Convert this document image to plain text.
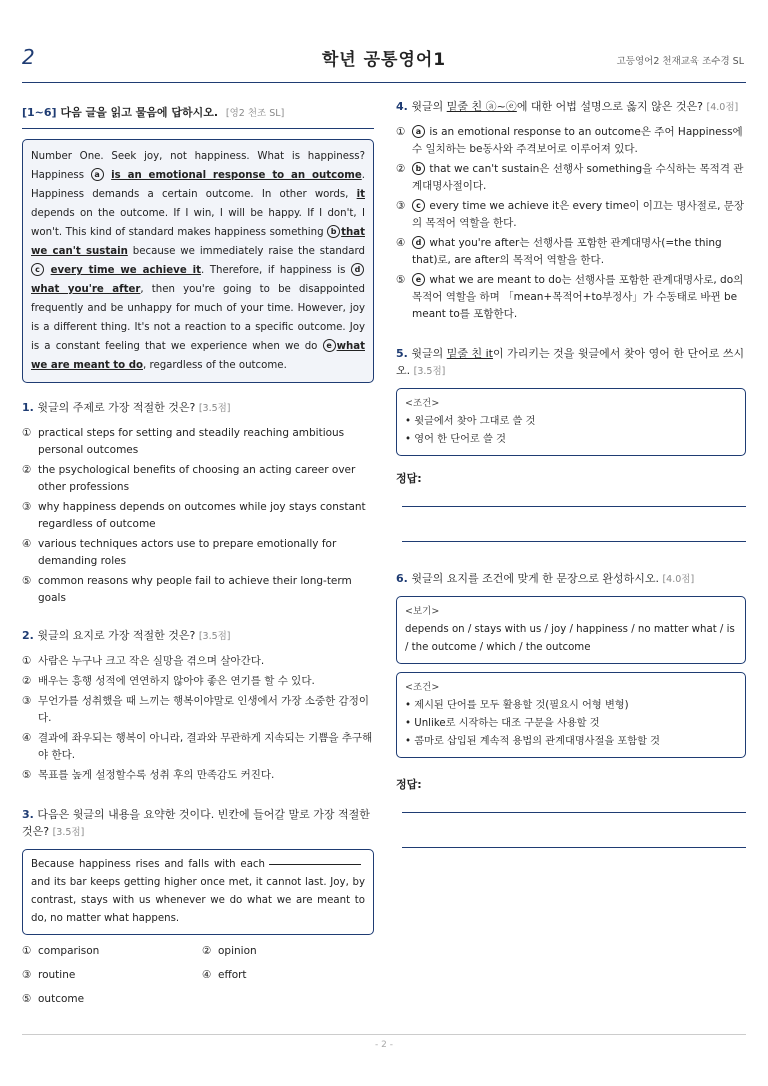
2	학년 공통영어1	고등영어2 천재교육 조수경 SL
[1~6] 다음 글을 읽고 물음에 답하시오. [영2 천조 SL]
Number One. Seek joy, not happiness. What is happiness? Happiness a is an emotional response to an outcome. Happiness demands a certain outcome. In other words, it depends on the outcome. If I win, I will be happy. If I don't, I won't. This kind of standard makes happiness something b that we can't sustain because we immediately raise the standard c every time we achieve it. Therefore, if happiness is dwhat you're after, then you're going to be disappointed frequently and be unhappy for much of your time. However, joy is a different thing. It's not a reaction to a specific outcome. Joy is a constant feeling that we experience when we do e what we are meant to do, regardless of the outcome.
1. 윗글의 주제로 가장 적절한 것은? [3.5점]
① practical steps for setting and steadily reaching ambitious personal outcomes
② the psychological benefits of choosing an acting career over other professions
③ why happiness depends on outcomes while joy stays constant regardless of outcome
④ various techniques actors use to prepare emotionally for demanding roles
⑤ common reasons why people fail to achieve their long-term goals
2. 윗글의 요지로 가장 적절한 것은? [3.5점]
① 사람은 누구나 크고 작은 실망을 겪으며 살아간다.
② 배우는 흥행 성적에 연연하지 않아야 좋은 연기를 할 수 있다.
③ 무언가를 성취했을 때 느끼는 행복이야말로 인생에서 가장 소중한 감정이다.
④ 결과에 좌우되는 행복이 아니라, 결과와 무관하게 지속되는 기쁨을 추구해야 한다.
⑤ 목표를 높게 설정할수록 성취 후의 만족감도 커진다.
3. 다음은 윗글의 내용을 요약한 것이다. 빈칸에 들어갈 말로 가장 적절한 것은? [3.5점]
Because happiness rises and falls with eachand its bar keeps getting higher once met, it cannot last. Joy, by contrast, stays with us whenever we do what we are meant to do, no matter what happens.
① comparison	② opinion
③ routine	④ effort
⑤ outcome
4. 윗글의 밑줄 친 ⓐ~ⓔ에 대한 어법 설명으로 옳지 않은 것은? [4.0점]
①	a is an emotional response to an outcome은 주어 Happiness에 수 일치하는 be동사와 주격보어로 이루어져 있다.
②	b that we can't sustain은 선행사 something을 수식하는 목적격 관계대명사절이다.
③	c every time we achieve it은 every time이 이끄는 명사절로, 문장의 목적어 역할을 한다.
④	d what you're after는 선행사를 포함한 관계대명사(=the thing that)로, are after의 목적어 역할을 한다.
⑤	e what we are meant to do는 선행사를 포함한 관계대명사로, do의 목적어 역할을 하며 「mean+목적어+to부정사」가 수동태로 바뀐 be meant to를 포함한다.
5. 윗글의 밑줄 친 it이 가리키는 것을 윗글에서 찾아 영어 한 단어로 쓰시오. [3.5점]
<조건>
• 윗글에서 찾아 그대로 쓸 것
• 영어 한 단어로 쓸 것
정답:
6. 윗글의 요지를 조건에 맞게 한 문장으로 완성하시오. [4.0점]
<보기>
depends on / stays with us / joy / happiness / no matter what / is / the outcome / which / the outcome
<조건>
• 제시된 단어를 모두 활용할 것(필요시 어형 변형)
• Unlike로 시작하는 대조 구문을 사용할 것
• 콤마로 삽입된 계속적 용법의 관계대명사절을 포함할 것
정답:
- 2 -
